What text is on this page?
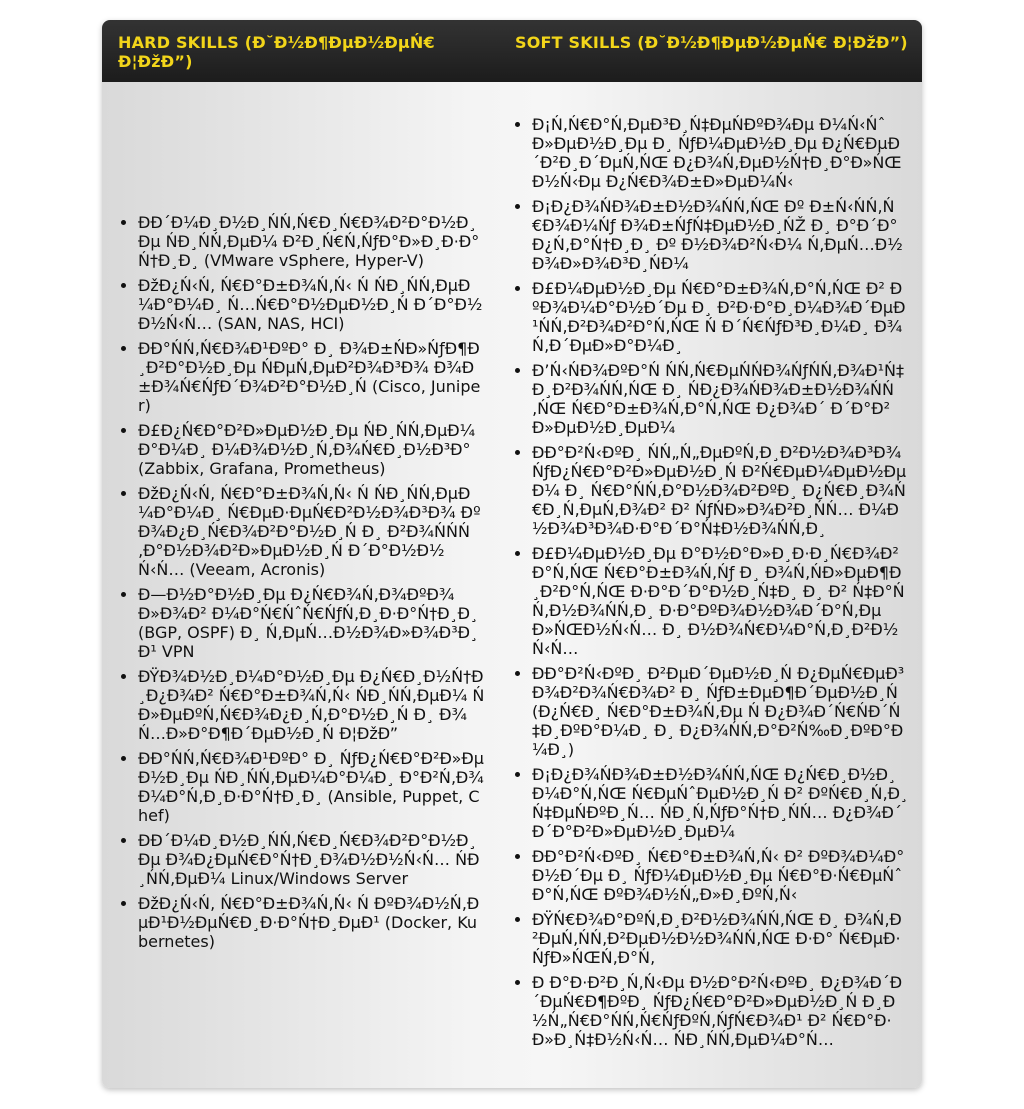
HARD SKILLS (Đ˘Đ½Đ¶ĐµĐ½ĐµŃ€ Đ¦ĐžĐ”)
SOFT SKILLS (Đ˘Đ½Đ¶ĐµĐ½ĐµŃ€ Đ¦ĐžĐ”)
ĐĐ´Đ¼Đ¸Đ½Đ¸ŃŃ‚Ń€Đ¸Ń€Đ¾Đ²Đ°Đ½Đ¸Đµ ŃĐ¸ŃŃ‚ĐµĐ¼ Đ²Đ¸Ń€Ń‚ŃƒĐ°Đ»Đ¸Đ·Đ°Ń†Đ¸Đ¸ (VMware vSphere, Hyper-V)
ĐžĐ¿Ń‹Ń‚ Ń€Đ°Đ±Đ¾Ń‚Ń‹ Ń ŃĐ¸ŃŃ‚ĐµĐ¼Đ°Đ¼Đ¸ Ń…Ń€Đ°Đ½ĐµĐ½Đ¸Ń Đ´Đ°Đ½Đ½Ń‹Ń… (SAN, NAS, HCI)
ĐĐ°ŃŃ‚Ń€Đ¾Đ¹ĐºĐ° Đ¸ Đ¾Đ±ŃĐ»ŃƒĐ¶Đ¸Đ²Đ°Đ½Đ¸Đµ ŃĐµŃ‚ĐµĐ²Đ¾Đ³Đ¾ Đ¾Đ±Đ¾Ń€ŃƒĐ´Đ¾Đ²Đ°Đ½Đ¸Ń (Cisco, Juniper)
Đ£Đ¿Ń€Đ°Đ²Đ»ĐµĐ½Đ¸Đµ ŃĐ¸ŃŃ‚ĐµĐ¼Đ°Đ¼Đ¸ Đ¼Đ¾Đ½Đ¸Ń‚Đ¾Ń€Đ¸Đ½Đ³Đ° (Zabbix, Grafana, Prometheus)
ĐžĐ¿Ń‹Ń‚ Ń€Đ°Đ±Đ¾Ń‚Ń‹ Ń ŃĐ¸ŃŃ‚ĐµĐ¼Đ°Đ¼Đ¸ Ń€ĐµĐ·ĐµŃ€Đ²Đ½Đ¾Đ³Đ¾ ĐºĐ¾Đ¿Đ¸Ń€Đ¾Đ²Đ°Đ½Đ¸Ń Đ¸ Đ²Đ¾ŃŃŃ‚Đ°Đ½Đ¾Đ²Đ»ĐµĐ½Đ¸Ń Đ´Đ°Đ½Đ½Ń‹Ń… (Veeam, Acronis)
Đ—Đ½Đ°Đ½Đ¸Đµ Đ¿Ń€Đ¾Ń‚Đ¾ĐºĐ¾Đ»Đ¾Đ² Đ¼Đ°Ń€ŃˆŃ€ŃƒŃ‚Đ¸Đ·Đ°Ń†Đ¸Đ¸ (BGP, OSPF) Đ¸ Ń‚ĐµŃ…Đ½Đ¾Đ»Đ¾Đ³Đ¸Đ¹ VPN
ĐŸĐ¾Đ½Đ¸Đ¼Đ°Đ½Đ¸Đµ Đ¿Ń€Đ¸Đ½Ń†Đ¸Đ¿Đ¾Đ² Ń€Đ°Đ±Đ¾Ń‚Ń‹ ŃĐ¸ŃŃ‚ĐµĐ¼ ŃĐ»ĐµĐºŃ‚Ń€Đ¾Đ¿Đ¸Ń‚Đ°Đ½Đ¸Ń Đ¸ Đ¾Ń…Đ»Đ°Đ¶Đ´ĐµĐ½Đ¸Ń Đ¦ĐžĐ”
ĐĐ°ŃŃ‚Ń€Đ¾Đ¹ĐºĐ° Đ¸ ŃƒĐ¿Ń€Đ°Đ²Đ»ĐµĐ½Đ¸Đµ ŃĐ¸ŃŃ‚ĐµĐ¼Đ°Đ¼Đ¸ Đ°Đ²Ń‚Đ¾Đ¼Đ°Ń‚Đ¸Đ·Đ°Ń†Đ¸Đ¸ (Ansible, Puppet, Chef)
ĐĐ´Đ¼Đ¸Đ½Đ¸ŃŃ‚Ń€Đ¸Ń€Đ¾Đ²Đ°Đ½Đ¸Đµ Đ¾Đ¿ĐµŃ€Đ°Ń†Đ¸Đ¾Đ½Đ½Ń‹Ń… ŃĐ¸ŃŃ‚ĐµĐ¼ Linux/Windows Server
ĐžĐ¿Ń‹Ń‚ Ń€Đ°Đ±Đ¾Ń‚Ń‹ Ń ĐºĐ¾Đ½Ń‚ĐµĐ¹Đ½ĐµŃ€Đ¸Đ·Đ°Ń†Đ¸ĐµĐ¹ (Docker, Kubernetes)
Đ¡Ń‚Ń€Đ°Ń‚ĐµĐ³Đ¸Ń‡ĐµŃĐºĐ¾Đµ Đ¼Ń‹ŃˆĐ»ĐµĐ½Đ¸Đµ Đ¸ ŃƒĐ¼ĐµĐ½Đ¸Đµ Đ¿Ń€ĐµĐ´Đ²Đ¸Đ´ĐµŃ‚ŃŒ Đ¿Đ¾Ń‚ĐµĐ½Ń†Đ¸Đ°Đ»ŃŒĐ½Ń‹Đµ Đ¿Ń€Đ¾Đ±Đ»ĐµĐ¼Ń‹
Đ¡Đ¿Đ¾ŃĐ¾Đ±Đ½Đ¾ŃŃ‚ŃŒ Đº Đ±Ń‹ŃŃ‚Ń€Đ¾Đ¼Ńƒ Đ¾Đ±ŃƒŃ‡ĐµĐ½Đ¸ŃŽ Đ¸ Đ°Đ´Đ°Đ¿Ń‚Đ°Ń†Đ¸Đ¸ Đº Đ½Đ¾Đ²Ń‹Đ¼ Ń‚ĐµŃ…Đ½Đ¾Đ»Đ¾Đ³Đ¸ŃĐ¼
Đ£Đ¼ĐµĐ½Đ¸Đµ Ń€Đ°Đ±Đ¾Ń‚Đ°Ń‚ŃŒ Đ² ĐºĐ¾Đ¼Đ°Đ½Đ´Đµ Đ¸ Đ²Đ·Đ°Đ¸Đ¼Đ¾Đ´ĐµĐ¹ŃŃ‚Đ²Đ¾Đ²Đ°Ń‚ŃŒ Ń Đ´Ń€ŃƒĐ³Đ¸Đ¼Đ¸ Đ¾Ń‚Đ´ĐµĐ»Đ°Đ¼Đ¸
Đ’Ń‹ŃĐ¾ĐºĐ°Ń ŃŃ‚Ń€ĐµŃŃĐ¾ŃƒŃŃ‚Đ¾Đ¹Ń‡Đ¸Đ²Đ¾ŃŃ‚ŃŒ Đ¸ ŃĐ¿Đ¾ŃĐ¾Đ±Đ½Đ¾ŃŃ‚ŃŒ Ń€Đ°Đ±Đ¾Ń‚Đ°Ń‚ŃŒ Đ¿Đ¾Đ´ Đ´Đ°Đ²Đ»ĐµĐ½Đ¸ĐµĐ¼
ĐĐ°Đ²Ń‹ĐºĐ¸ ŃŃ„Ń„ĐµĐºŃ‚Đ¸Đ²Đ½Đ¾Đ³Đ¾ ŃƒĐ¿Ń€Đ°Đ²Đ»ĐµĐ½Đ¸Ń Đ²Ń€ĐµĐ¼ĐµĐ½ĐµĐ¼ Đ¸ Ń€Đ°ŃŃ‚Đ°Đ½Đ¾Đ²ĐºĐ¸ Đ¿Ń€Đ¸Đ¾Ń€Đ¸Ń‚ĐµŃ‚Đ¾Đ² Đ² ŃƒŃĐ»Đ¾Đ²Đ¸ŃŃ… Đ¼Đ½Đ¾Đ³Đ¾Đ·Đ°Đ´Đ°Ń‡Đ½Đ¾ŃŃ‚Đ¸
Đ£Đ¼ĐµĐ½Đ¸Đµ Đ°Đ½Đ°Đ»Đ¸Đ·Đ¸Ń€Đ¾Đ²Đ°Ń‚ŃŒ Ń€Đ°Đ±Đ¾Ń‚Ńƒ Đ¸ Đ¾Ń‚ŃĐ»ĐµĐ¶Đ¸Đ²Đ°Ń‚ŃŒ Đ·Đ°Đ´Đ°Đ½Đ¸Ń‡Đ¸ Đ¸ Đ² Ń‡Đ°ŃŃ‚Đ½Đ¾ŃŃ‚Đ¸ Đ·Đ°ĐºĐ¾Đ½Đ¾Đ´Đ°Ń‚ĐµĐ»ŃŒĐ½Ń‹Ń… Đ¸ Đ½Đ¾Ń€Đ¼Đ°Ń‚Đ¸Đ²Đ½Ń‹Ń…
ĐĐ°Đ²Ń‹ĐºĐ¸ Đ²ĐµĐ´ĐµĐ½Đ¸Ń Đ¿ĐµŃ€ĐµĐ³Đ¾Đ²Đ¾Ń€Đ¾Đ² Đ¸ ŃƒĐ±ĐµĐ¶Đ´ĐµĐ½Đ¸Ń (Đ¿Ń€Đ¸ Ń€Đ°Đ±Đ¾Ń‚Đµ Ń Đ¿Đ¾Đ´Ń€ŃĐ´Ń‡Đ¸ĐºĐ°Đ¼Đ¸ Đ¸ Đ¿Đ¾ŃŃ‚Đ°Đ²Ń‰Đ¸ĐºĐ°Đ¼Đ¸)
Đ¡Đ¿Đ¾ŃĐ¾Đ±Đ½Đ¾ŃŃ‚ŃŒ Đ¿Ń€Đ¸Đ½Đ¸Đ¼Đ°Ń‚ŃŒ Ń€ĐµŃˆĐµĐ½Đ¸Ń Đ² ĐºŃ€Đ¸Ń‚Đ¸Ń‡ĐµŃĐºĐ¸Ń… ŃĐ¸Ń‚ŃƒĐ°Ń†Đ¸ŃŃ… Đ¿Đ¾Đ´ Đ´Đ°Đ²Đ»ĐµĐ½Đ¸ĐµĐ¼
ĐĐ°Đ²Ń‹ĐºĐ¸ Ń€Đ°Đ±Đ¾Ń‚Ń‹ Đ² ĐºĐ¾Đ¼Đ°Đ½Đ´Đµ Đ¸ ŃƒĐ¼ĐµĐ½Đ¸Đµ Ń€Đ°Đ·Ń€ĐµŃˆĐ°Ń‚ŃŒ ĐºĐ¾Đ½Ń„Đ»Đ¸ĐºŃ‚Ń‹
ĐŸŃ€Đ¾Đ°ĐºŃ‚Đ¸Đ²Đ½Đ¾ŃŃ‚ŃŒ Đ¸ Đ¾Ń‚Đ²ĐµŃ‚ŃŃ‚Đ²ĐµĐ½Đ½Đ¾ŃŃ‚ŃŒ Đ·Đ° Ń€ĐµĐ·ŃƒĐ»ŃŒŃ‚Đ°Ń‚
Đ Đ°Đ·Đ²Đ¸Ń‚Ń‹Đµ Đ½Đ°Đ²Ń‹ĐºĐ¸ Đ¿Đ¾Đ´Đ´ĐµŃ€Đ¶ĐºĐ¸ ŃƒĐ¿Ń€Đ°Đ²Đ»ĐµĐ½Đ¸Ń Đ¸Đ½Ń„Ń€Đ°ŃŃ‚Ń€ŃƒĐºŃ‚ŃƒŃ€Đ¾Đ¹ Đ² Ń€Đ°Đ·Đ»Đ¸Ń‡Đ½Ń‹Ń… ŃĐ¸ŃŃ‚ĐµĐ¼Đ°Ń…
